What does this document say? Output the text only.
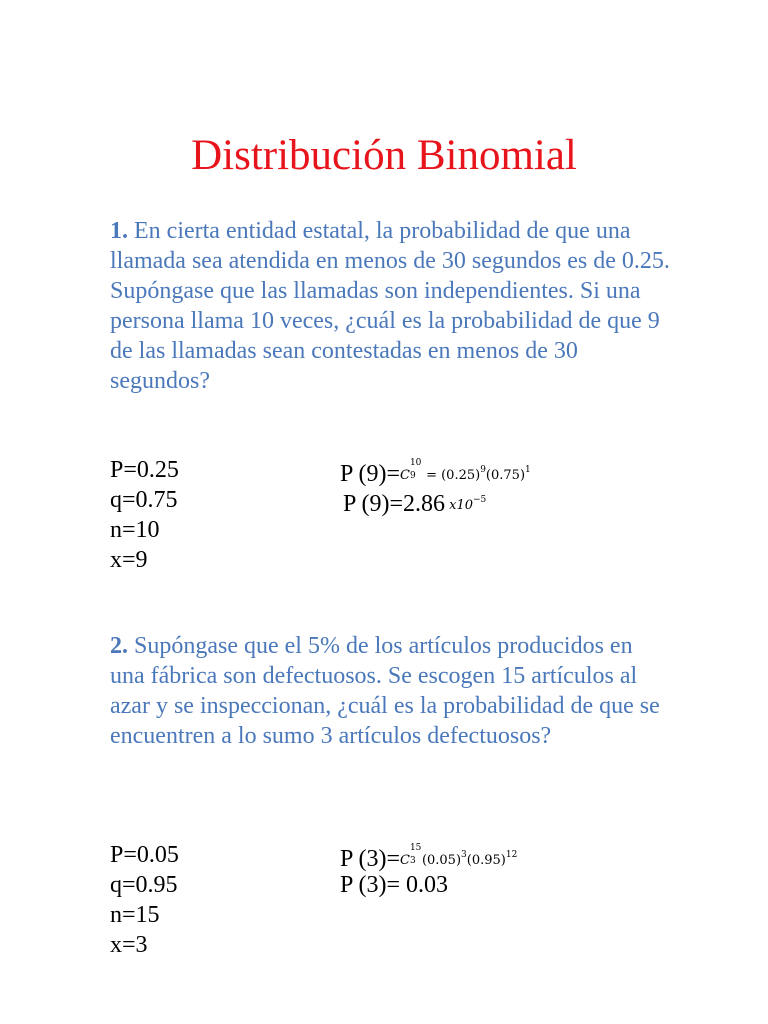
Distribución Binomial
1. En cierta entidad estatal, la probabilidad de que una llamada sea atendida en menos de 30 segundos es de 0.25. Supóngase que las llamadas son independientes. Si una persona llama 10 veces, ¿cuál es la probabilidad de que 9 de las llamadas sean contestadas en menos de 30 segundos?
P=0.25
q=0.75
n=10
x=9
P (9)=C
10
$9 = (0.25)^9(0.75)^1$
P (9)=2.86 $x10^{-5}$
2. Supóngase que el 5% de los artículos producidos en una fábrica son defectuosos. Se escogen 15 artículos al azar y se inspeccionan, ¿cuál es la probabilidad de que se encuentren a lo sumo 3 artículos defectuosos?
P=0.05
q=0.95
n=15
x=3
P (3)=C
15
3 $(0.05)^3(0.95)^{12}$
P (3)= 0.03
